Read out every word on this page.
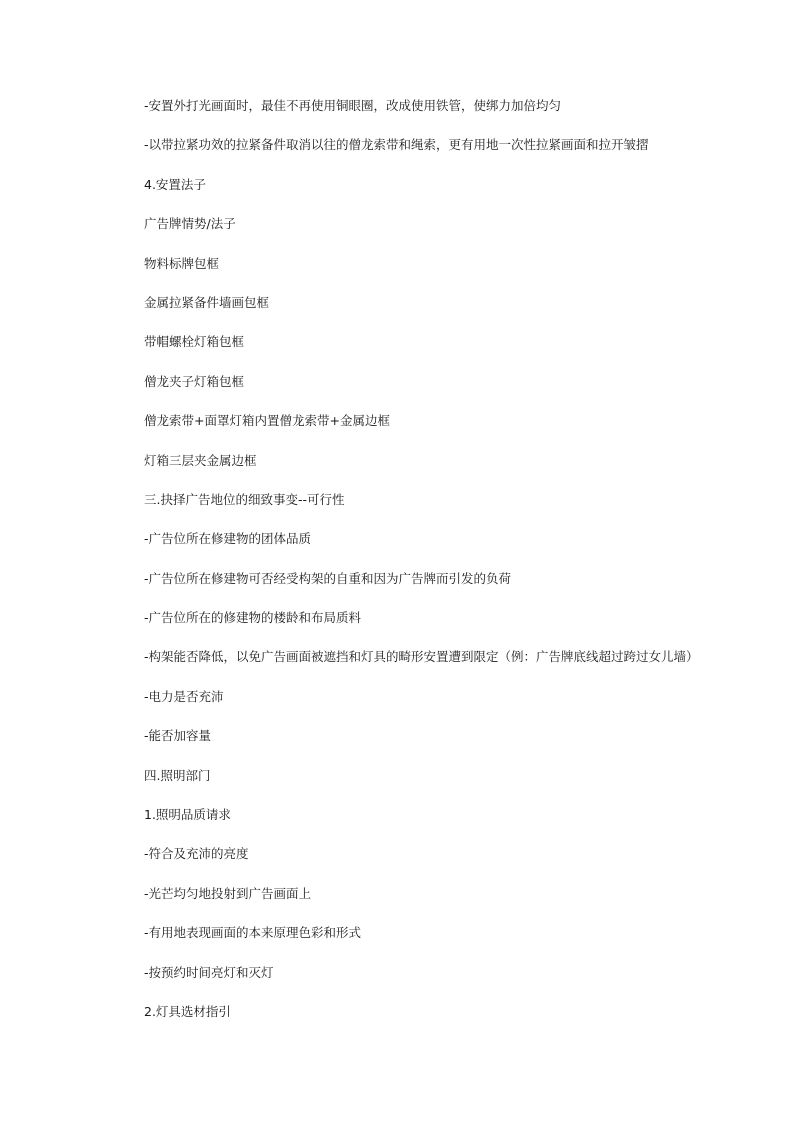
-安置外打光画面时，最佳不再使用铜眼圈，改成使用铁管，使绑力加倍均匀
-以带拉紧功效的拉紧备件取消以往的僧龙索带和绳索，更有用地一次性拉紧画面和拉开皱摺
4.安置法子
广告牌情势/法子
物料标牌包框
金属拉紧备件墙画包框
带帽螺栓灯箱包框
僧龙夹子灯箱包框
僧龙索带+面罩灯箱内置僧龙索带+金属边框
灯箱三层夹金属边框
三.抉择广告地位的细致事变--可行性
-广告位所在修建物的团体品质
-广告位所在修建物可否经受构架的自重和因为广告牌而引发的负荷
-广告位所在的修建物的楼龄和布局质料
-构架能否降低，以免广告画面被遮挡和灯具的畸形安置遭到限定（例：广告牌底线超过跨过女儿墙）
-电力是否充沛
-能否加容量
四.照明部门
1.照明品质请求
-符合及充沛的亮度
-光芒均匀地投射到广告画面上
-有用地表现画面的本来原理色彩和形式
-按预约时间亮灯和灭灯
2.灯具选材指引
